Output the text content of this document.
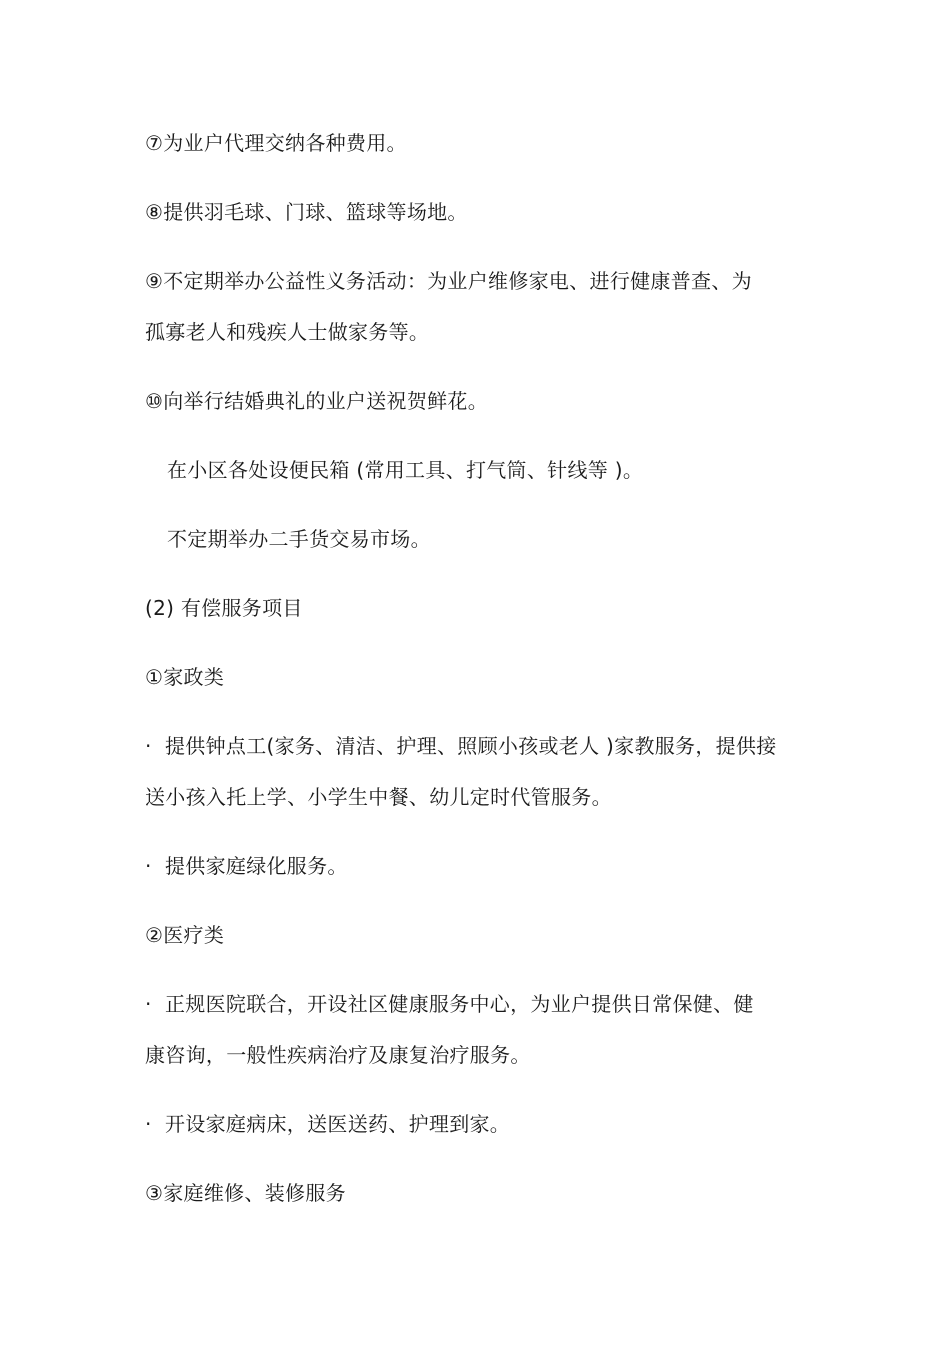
⑦为业户代理交纳各种费用。
⑧提供羽毛球、门球、篮球等场地。
⑨不定期举办公益性义务活动：为业户维修家电、进行健康普查、为
孤寡老人和残疾人士做家务等。
⑩向举行结婚典礼的业户送祝贺鲜花。
在小区各处设便民箱 (常用工具、打气筒、针线等 )。
不定期举办二手货交易市场。
(2) 有偿服务项目
①家政类
· 提供钟点工(家务、清洁、护理、照顾小孩或老人 )家教服务，提供接
送小孩入托上学、小学生中餐、幼儿定时代管服务。
· 提供家庭绿化服务。
②医疗类
· 正规医院联合，开设社区健康服务中心，为业户提供日常保健、健
康咨询，一般性疾病治疗及康复治疗服务。
· 开设家庭病床，送医送药、护理到家。
③家庭维修、装修服务
